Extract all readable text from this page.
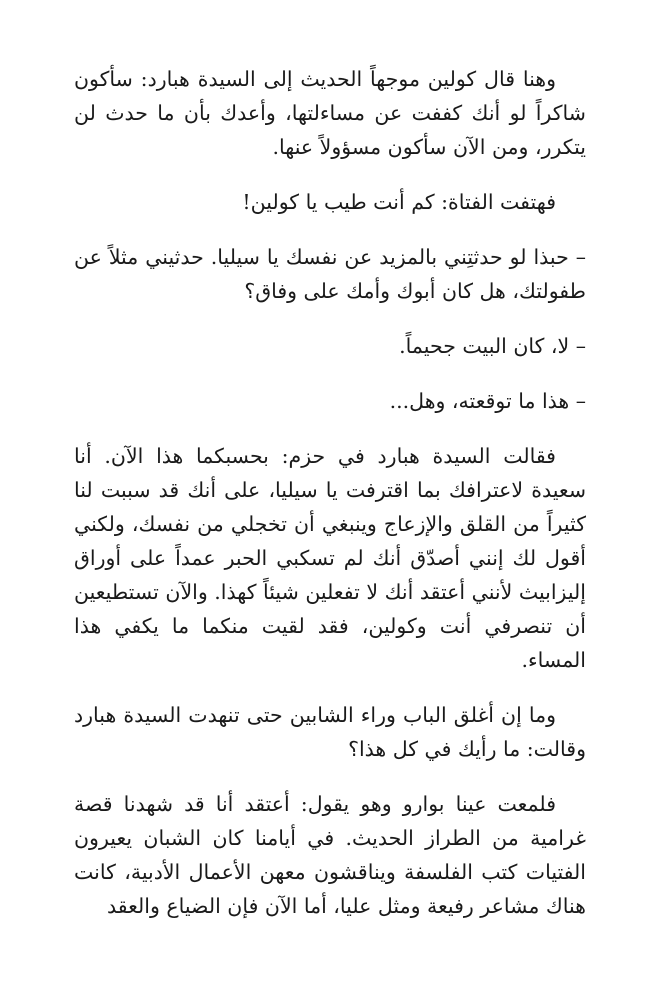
وهنا قال كولين موجهاً الحديث إلى السيدة هبارد: سأكون شاكراً لو أنك كففت عن مساءلتها، وأعدك بأن ما حدث لن يتكرر، ومن الآن سأكون مسؤولاً عنها.

فهتفت الفتاة: كم أنت طيب يا كولين!

– حبذا لو حدثتِني بالمزيد عن نفسك يا سيليا. حدثيني مثلاً عن طفولتك، هل كان أبوك وأمك على وفاق؟

– لا، كان البيت جحيماً.

– هذا ما توقعته، وهل...

فقالت السيدة هبارد في حزم: بحسبكما هذا الآن. أنا سعيدة لاعترافك بما اقترفت يا سيليا، على أنك قد سببت لنا كثيراً من القلق والإزعاج وينبغي أن تخجلي من نفسك، ولكني أقول لك إنني أصدّق أنك لم تسكبي الحبر عمداً على أوراق إليزابيث لأنني أعتقد أنك لا تفعلين شيئاً كهذا. والآن تستطيعين أن تنصرفي أنت وكولين، فقد لقيت منكما ما يكفي هذا المساء.

وما إن أغلق الباب وراء الشابين حتى تنهدت السيدة هبارد وقالت: ما رأيك في كل هذا؟

فلمعت عينا بوارو وهو يقول: أعتقد أنا قد شهدنا قصة غرامية من الطراز الحديث. في أيامنا كان الشبان يعيرون الفتيات كتب الفلسفة ويناقشون معهن الأعمال الأدبية، كانت هناك مشاعر رفيعة ومثل عليا، أما الآن فإن الضياع والعقد
